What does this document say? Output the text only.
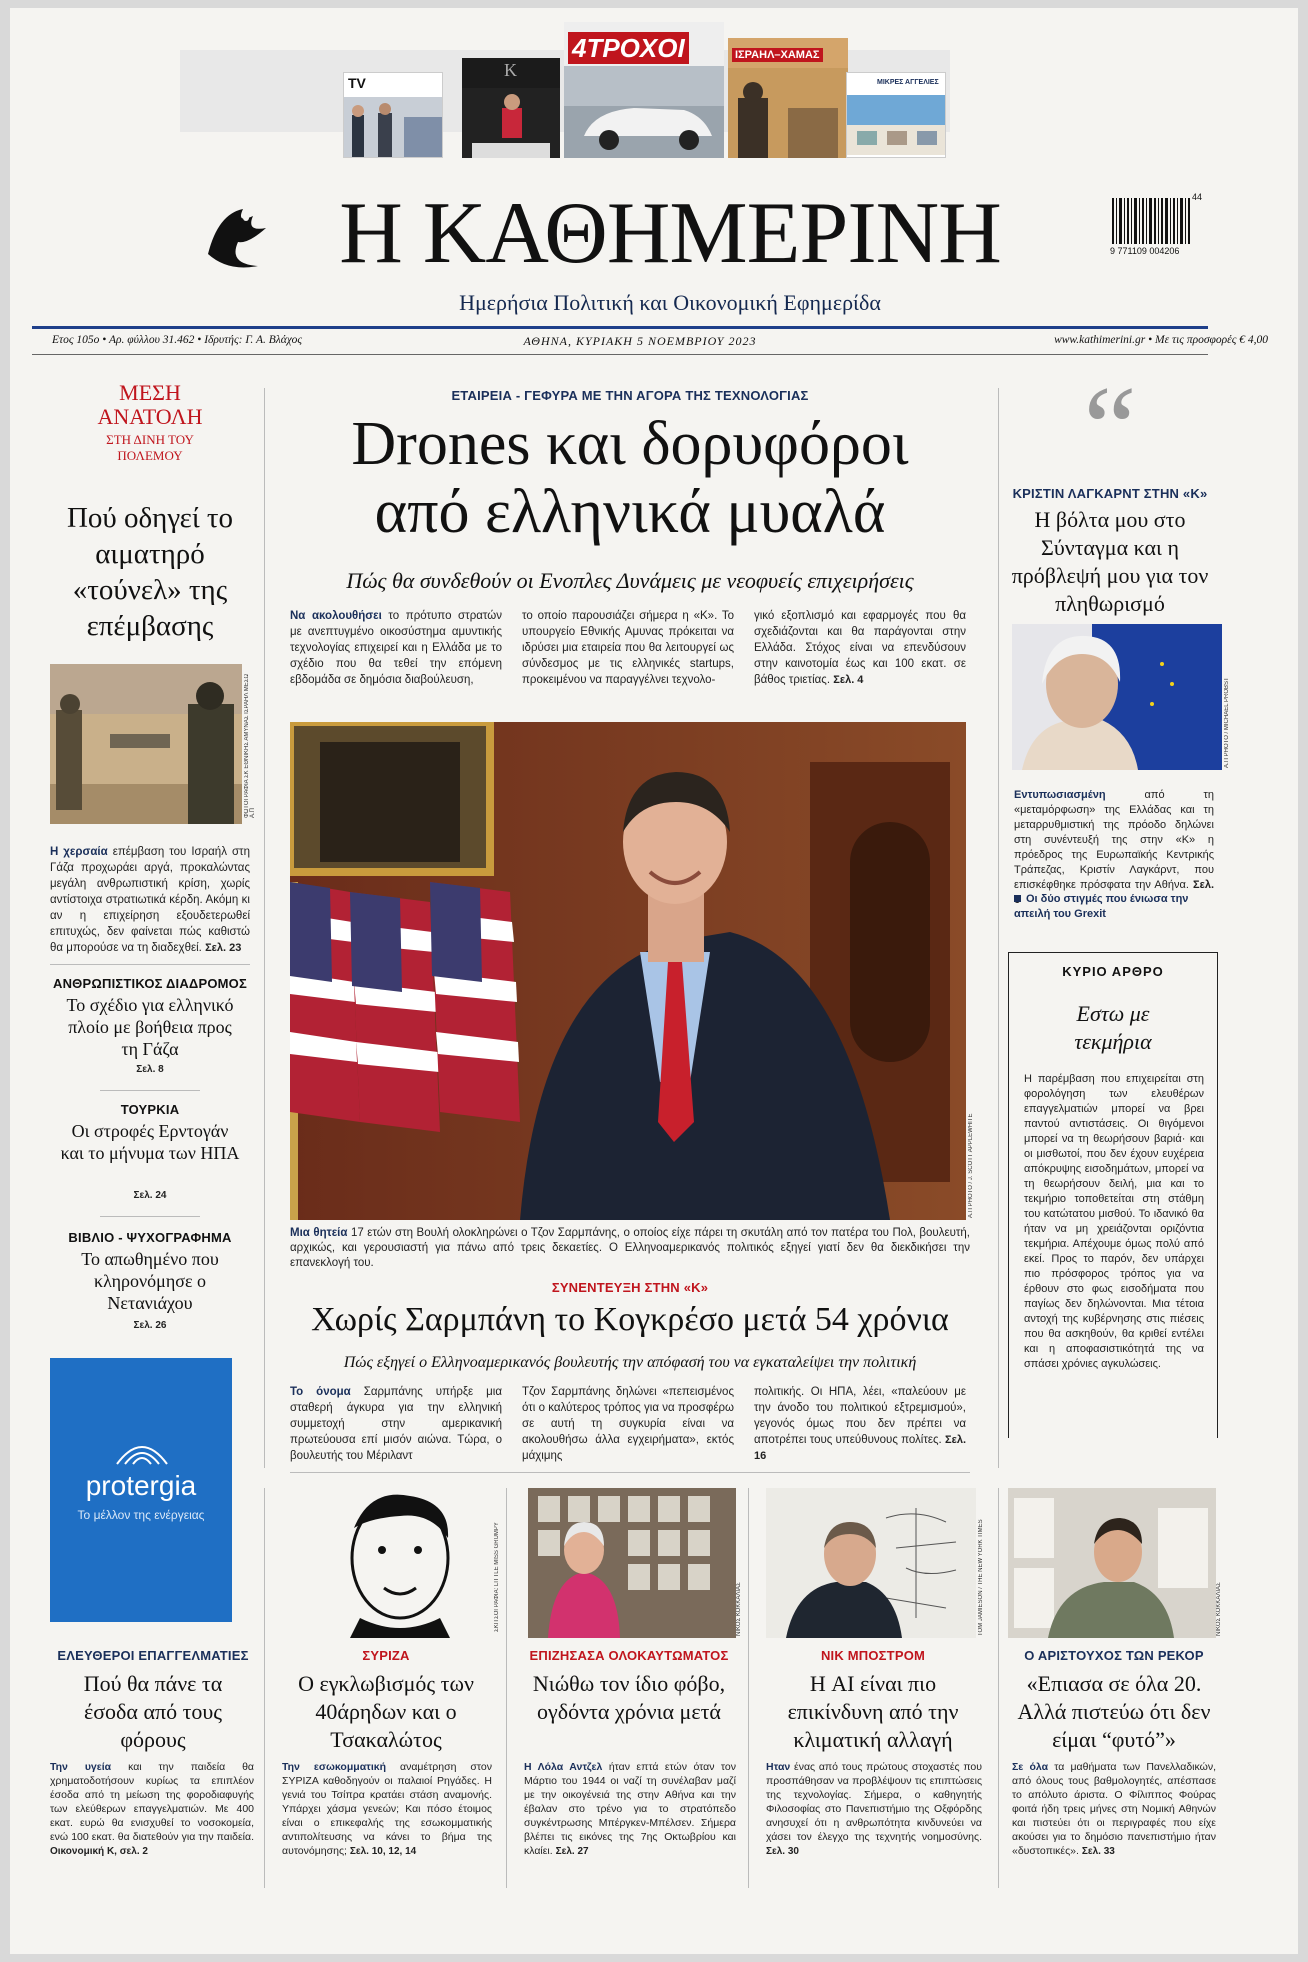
TV
K
4ΤΡΟΧΟΙ	ΙΣΡΑΗΛ–ΧΑΜΑΣ
ΜΙΚΡΕΣ ΑΓΓΕΛΙΕΣ
Η ΚΑΘΗΜΕΡΙΝΗ
Ημερήσια Πολιτική και Οικονομική Εφημερίδα
44
9 771109 004206
Ετος 105ο • Αρ. φύλλου 31.462 • Ιδρυτής: Γ. Α. Βλάχος	ΑΘΗΝΑ, ΚΥΡΙΑΚΗ 5 ΝΟΕΜΒΡΙΟΥ 2023	www.kathimerini.gr • Με τις προσφορές € 4,00
ΜΕΣΗ
ΑΝΑΤΟΛΗ
ΣΤΗ ΔΙΝΗ ΤΟΥ ΠΟΛΕΜΟΥ
Πού οδηγεί το αιματηρό «τούνελ» της επέμβασης
ΦΩΤΟΓΡΑΦΙΑ ΣΚ ΕΘΝΙΚΗΣ ΑΜΥΝΑΣ ΙΣΡΑΗΛ ΜΕΣΩ Α.Π
Η χερσαία επέμβαση του Ισραήλ στη Γάζα προχωράει αργά, προκαλώντας μεγάλη ανθρωπιστική κρίση, χωρίς αντίστοιχα στρατιωτικά κέρδη. Ακόμη κι αν η επιχείρηση εξουδετερωθεί επιτυχώς, δεν φαίνεται πώς καθιστώ θα μπορούσε να τη διαδεχθεί. Σελ. 23
ΑΝΘΡΩΠΙΣΤΙΚΟΣ ΔΙΑΔΡΟΜΟΣ
Το σχέδιο για ελληνικό πλοίο με βοήθεια προς τη Γάζα
Σελ. 8
ΤΟΥΡΚΙΑ
Οι στροφές Ερντογάν και το μήνυμα των ΗΠΑ
Σελ. 24
ΒΙΒΛΙΟ - ΨΥΧΟΓΡΑΦΗΜΑ
Το απωθημένο που κληρονόμησε ο Νετανιάχου
Σελ. 26
protergia
Το μέλλον της ενέργειας
ΕΤΑΙΡΕΙΑ - ΓΕΦΥΡΑ ΜΕ ΤΗΝ ΑΓΟΡΑ ΤΗΣ ΤΕΧΝΟΛΟΓΙΑΣ
Drones και δορυφόροι
από ελληνικά μυαλά
Πώς θα συνδεθούν οι Ενοπλες Δυνάμεις με νεοφυείς επιχειρήσεις
Να ακολουθήσει το πρότυπο στρατών με ανεπτυγμένο οικοσύστημα αμυντικής τεχνολογίας επιχειρεί και η Ελλάδα με το σχέδιο που θα τεθεί την επόμενη εβδομάδα σε δημόσια διαβούλευση,
το οποίο παρουσιάζει σήμερα η «Κ». Το υπουργείο Εθνικής Αμυνας πρόκειται να ιδρύσει μια εταιρεία που θα λειτουργεί ως σύνδεσμος με τις ελληνικές startups, προκειμένου να παραγγέλνει τεχνολο-
γικό εξοπλισμό και εφαρμογές που θα σχεδιάζονται και θα παράγονται στην Ελλάδα. Στόχος είναι να επενδύσουν στην καινοτομία έως και 100 εκατ. σε βάθος τριετίας. Σελ. 4
Α.Π PHOTO / J. SCOTT APPLEWHITE
Μια θητεία 17 ετών στη Βουλή ολοκληρώνει ο Τζον Σαρμπάνης, ο οποίος είχε πάρει τη σκυτάλη από τον πατέρα του Πολ, βουλευτή, αρχικώς, και γερουσιαστή για πάνω από τρεις δεκαετίες. Ο Ελληνοαμερικανός πολιτικός εξηγεί γιατί δεν θα διεκδικήσει την επανεκλογή του.
ΣΥΝΕΝΤΕΥΞΗ ΣΤΗΝ «Κ»
Χωρίς Σαρμπάνη το Κογκρέσο μετά 54 χρόνια
Πώς εξηγεί ο Ελληνοαμερικανός βουλευτής την απόφασή του να εγκαταλείψει την πολιτική
Το όνομα Σαρμπάνης υπήρξε μια σταθερή άγκυρα για την ελληνική συμμετοχή στην αμερικανική πρωτεύουσα επί μισόν αιώνα. Τώρα, ο βουλευτής του Μέριλαντ
Τζον Σαρμπάνης δηλώνει «πεπεισμένος ότι ο καλύτερος τρόπος για να προσφέρω σε αυτή τη συγκυρία είναι να ακολουθήσω άλλα εγχειρήματα», εκτός μάχιμης
πολιτικής. Οι ΗΠΑ, λέει, «παλεύουν με την άνοδο του πολιτικού εξτρεμισμού», γεγονός όμως που δεν πρέπει να αποτρέπει τους υπεύθυνους πολίτες. Σελ. 16
“
ΚΡΙΣΤΙΝ ΛΑΓΚΑΡΝΤ ΣΤΗΝ «Κ»
Η βόλτα μου στο Σύνταγμα και η πρόβλεψή μου για τον πληθωρισμό
Α.Π PHOTO / MICHAEL PROBST
Εντυπωσιασμένη από τη «μεταμόρφωση» της Ελλάδας και τη μεταρρυθμιστική της πρόοδο δηλώνει στη συνέντευξή της στην «Κ» η πρόεδρος της Ευρωπαϊκής Κεντρικής Τράπεζας, Κριστίν Λαγκάρντ, που επισκέφθηκε πρόσφατα την Αθήνα. Σελ.
Οι δύο στιγμές που ένιωσα την απειλή του Grexit
ΚΥΡΙΟ ΑΡΘΡΟ
Εστω με τεκμήρια
Η παρέμβαση που επιχειρείται στη φορολόγηση των ελευθέρων επαγγελματιών μπορεί να βρει παντού αντιστάσεις. Οι θιγόμενοι μπορεί να τη θεωρήσουν βαριά· και οι μισθωτοί, που δεν έχουν ευχέρεια απόκρυψης εισοδημάτων, μπορεί να τη θεωρήσουν δειλή, μια και το τεκμήριο τοποθετείται στη στάθμη του κατώτατου μισθού. Το ιδανικό θα ήταν να μη χρειάζονται οριζόντια τεκμήρια. Απέχουμε όμως πολύ από εκεί. Προς το παρόν, δεν υπάρχει πιο πρόσφορος τρόπος για να έρθουν στο φως εισοδήματα που παγίως δεν δηλώνονται. Μια τέτοια αντοχή της κυβέρνησης στις πιέσεις που θα ασκηθούν, θα κριθεί εντέλει και η αποφασιστικότητά της να σπάσει χρόνιες αγκυλώσεις.
ΣΚΙΤΣΟΓΡΑΦΙΑ: LITTLE MISS GRUMPY	ΝΙΚΟΣ ΚΟΚΚΑΛΙΑΣ	TOM JAMIESON / THE NEW YORK TIMES	ΝΙΚΟΣ ΚΟΚΚΑΛΙΑΣ
ΕΛΕΥΘΕΡΟΙ ΕΠΑΓΓΕΛΜΑΤΙΕΣ
Πού θα πάνε τα έσοδα από τους φόρους
Την υγεία και την παιδεία θα χρηματοδοτήσουν κυρίως τα επιπλέον έσοδα από τη μείωση της φοροδιαφυγής των ελεύθερων επαγγελματιών. Με 400 εκατ. ευρώ θα ενισχυθεί το νοσοκομεία, ενώ 100 εκατ. θα διατεθούν για την παιδεία. Οικονομική Κ, σελ. 2
ΣΥΡΙΖΑ
Ο εγκλωβισμός των 40άρηδων και ο Τσακαλώτος
Την εσωκομματική αναμέτρηση στον ΣΥΡΙΖΑ καθοδηγούν οι παλαιοί Ρηγάδες. Η γενιά του Τσίπρα κρατάει στάση αναμονής. Υπάρχει χάσμα γενεών; Και πόσο έτοιμος είναι ο επικεφαλής της εσωκομματικής αντιπολίτευσης να κάνει το βήμα της αυτονόμησης; Σελ. 10, 12, 14
ΕΠΙΖΗΣΑΣΑ ΟΛΟΚΑΥΤΩΜΑΤΟΣ
Νιώθω τον ίδιο φόβο, ογδόντα χρόνια μετά
Η Λόλα Αντζελ ήταν επτά ετών όταν τον Μάρτιο του 1944 οι ναζί τη συνέλαβαν μαζί με την οικογένειά της στην Αθήνα και την έβαλαν στο τρένο για το στρατόπεδο συγκέντρωσης Μπέργκεν-Μπέλσεν. Σήμερα βλέπει τις εικόνες της 7ης Οκτωβρίου και κλαίει. Σελ. 27
ΝΙΚ ΜΠΟΣΤΡΟΜ
Η AI είναι πιο επικίνδυνη από την κλιματική αλλαγή
Ηταν ένας από τους πρώτους στοχαστές που προσπάθησαν να προβλέψουν τις επιπτώσεις της τεχνολογίας. Σήμερα, ο καθηγητής Φιλοσοφίας στο Πανεπιστήμιο της Οξφόρδης ανησυχεί ότι η ανθρωπότητα κινδυνεύει να χάσει τον έλεγχο της τεχνητής νοημοσύνης. Σελ. 30
Ο ΑΡΙΣΤΟΥΧΟΣ ΤΩΝ ΡΕΚΟΡ
«Επιασα σε όλα 20. Αλλά πιστεύω ότι δεν είμαι “φυτό”»
Σε όλα τα μαθήματα των Πανελλαδικών, από όλους τους βαθμολογητές, απέσπασε το απόλυτο άριστα. Ο Φίλιππος Φούρας φοιτά ήδη τρεις μήνες στη Νομική Αθηνών και πιστεύει ότι οι περιγραφές που είχε ακούσει για το δημόσιο πανεπιστήμιο ήταν «δυστοπικές». Σελ. 33
